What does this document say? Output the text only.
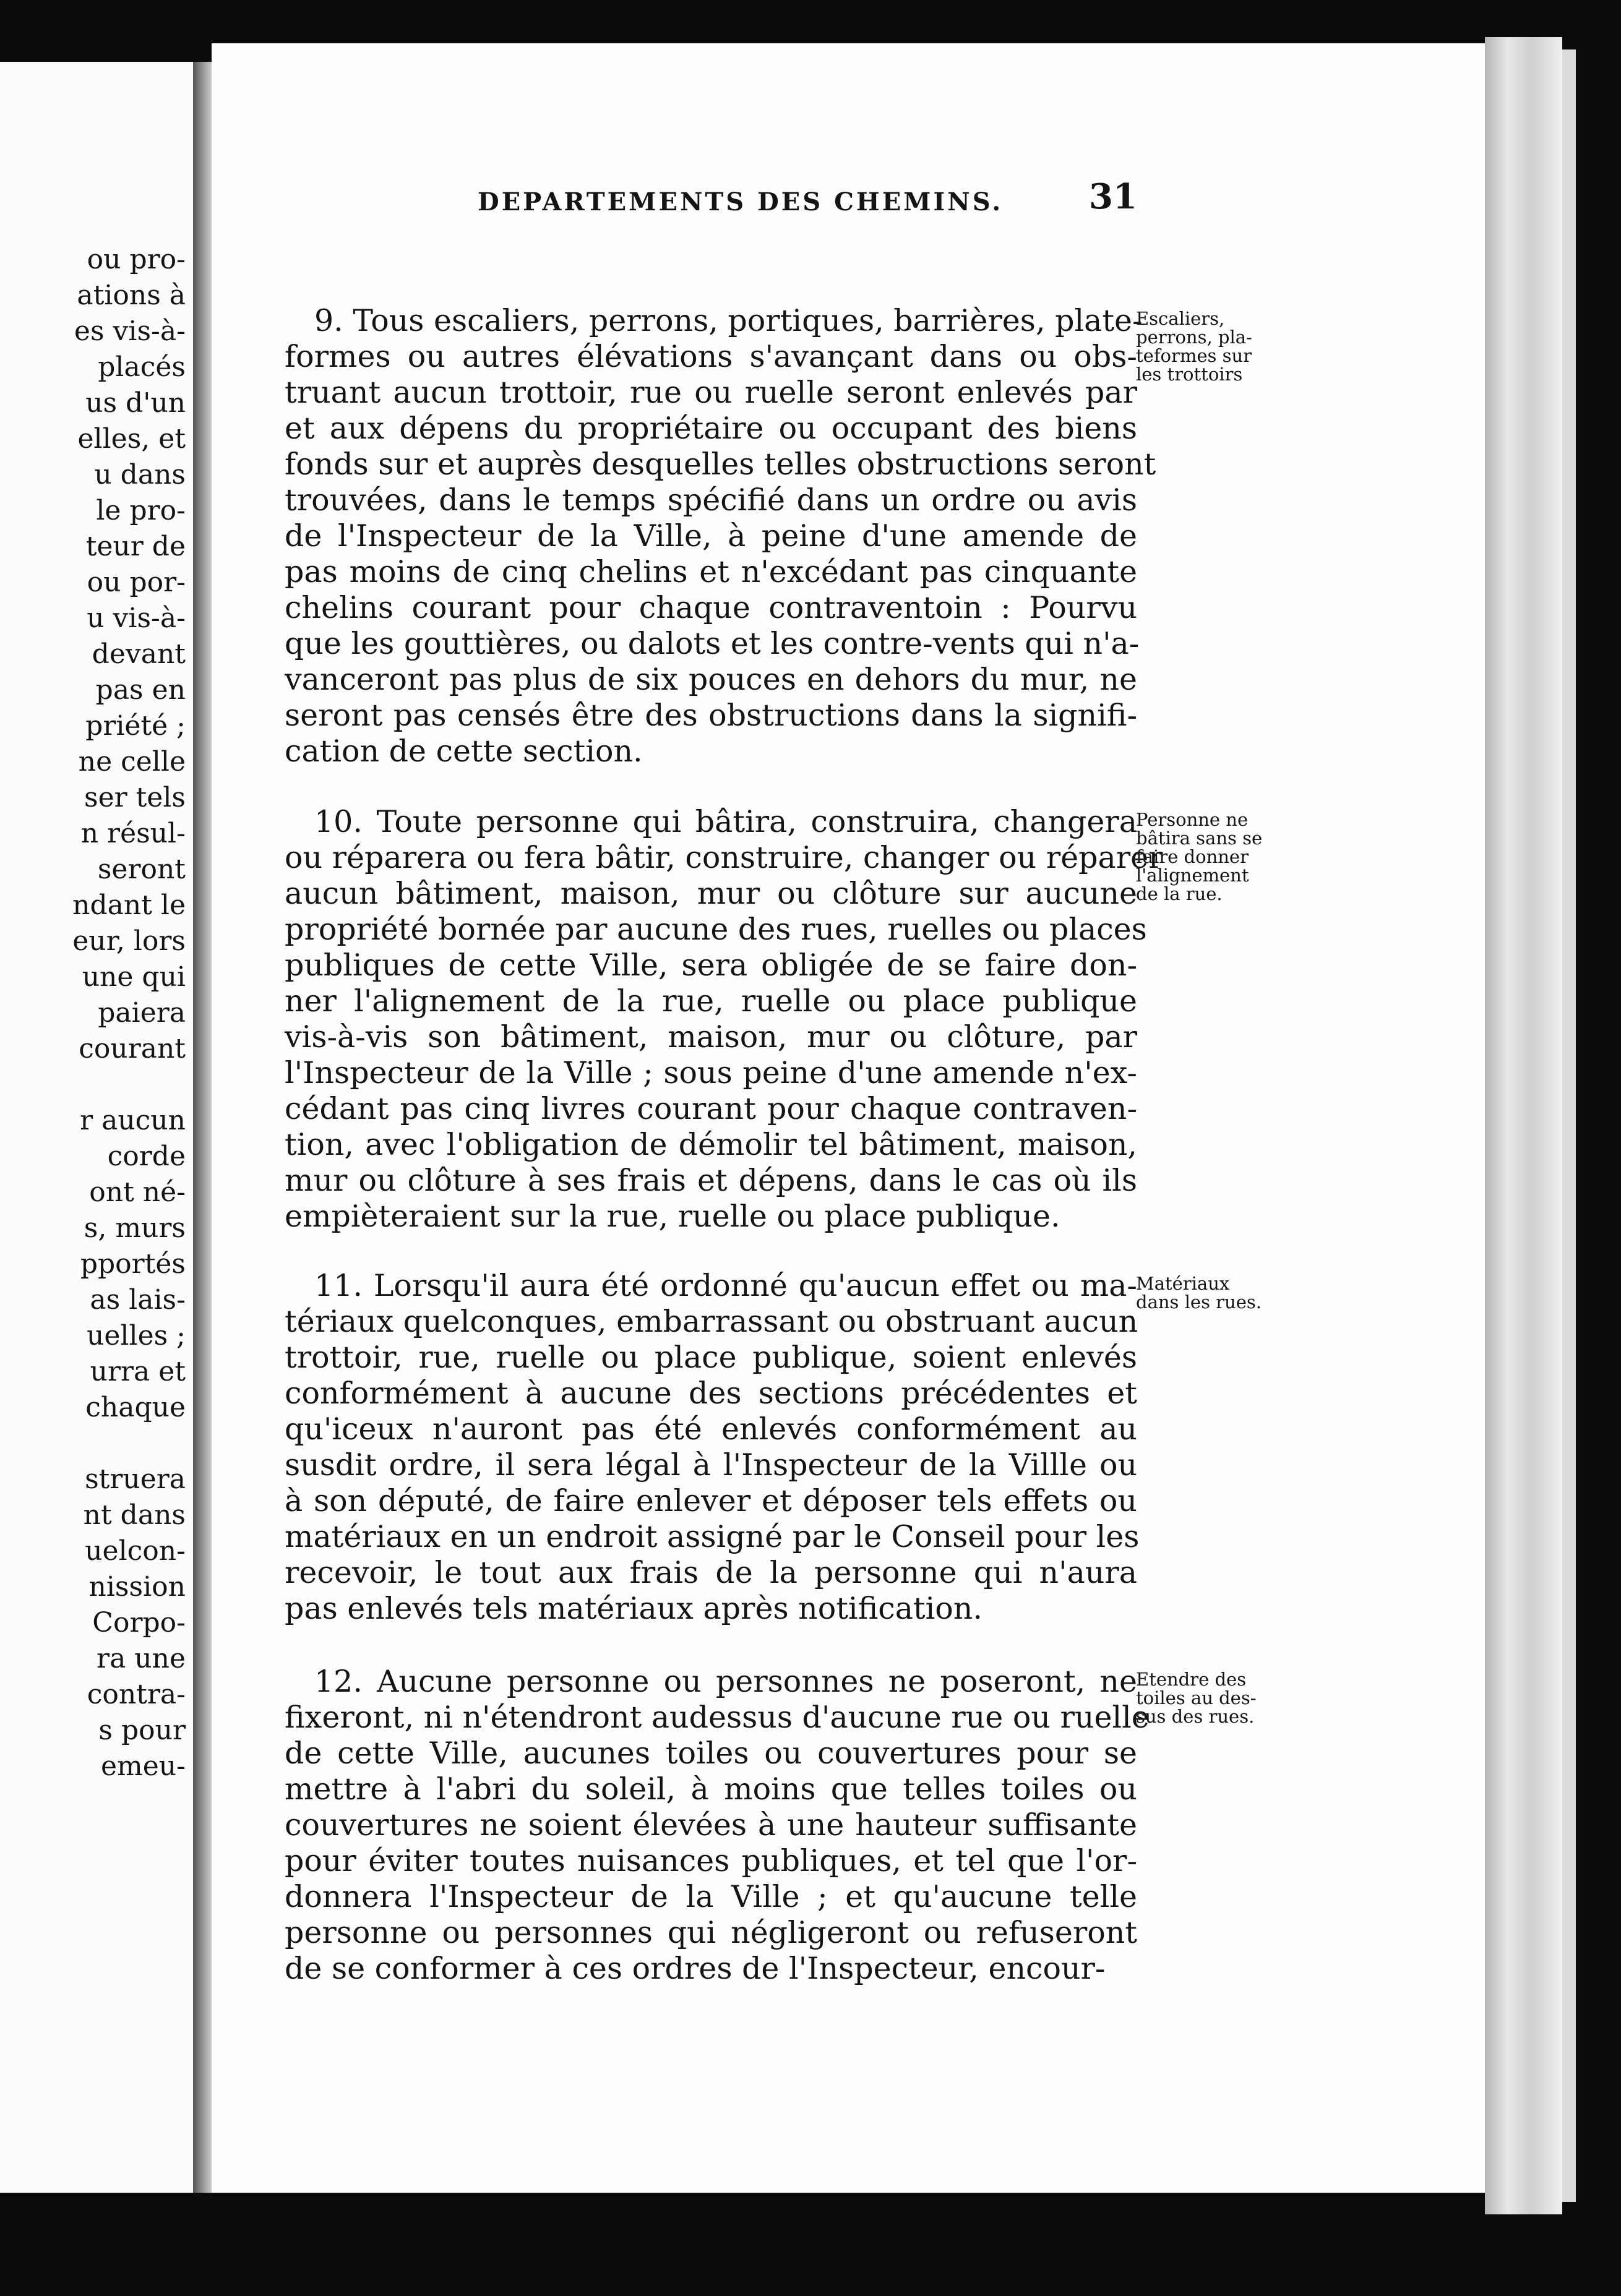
ou pro-
ations à
es vis-à-
placés
us d'un
elles, et
u dans
le pro-
teur de
ou por-
u vis-à-
devant
pas en
priété ;
ne celle
ser tels
n résul-
seront
ndant le
eur, lors
une qui
paiera
courant
r aucun
corde
ont né-
s, murs
pportés
as lais-
uelles ;
urra et
chaque
struera
nt dans
uelcon-
nission
Corpo-
ra une
contra-
s pour
emeu-
DEPARTEMENTS DES CHEMINS. 31
9. Tous escaliers, perrons, portiques, barrières, plate-
formes ou autres élévations s'avançant dans ou obs-
truant aucun trottoir, rue ou ruelle seront enlevés par
et aux dépens du propriétaire ou occupant des biens
fonds sur et auprès desquelles telles obstructions seront
trouvées, dans le temps spécifié dans un ordre ou avis
de l'Inspecteur de la Ville, à peine d'une amende de
pas moins de cinq chelins et n'excédant pas cinquante
chelins courant pour chaque contraventoin : Pourvu
que les gouttières, ou dalots et les contre-vents qui n'a-
vanceront pas plus de six pouces en dehors du mur, ne
seront pas censés être des obstructions dans la signifi-
cation de cette section.
Escaliers,
perrons, pla-
teformes sur
les trottoirs
10. Toute personne qui bâtira, construira, changera
ou réparera ou fera bâtir, construire, changer ou réparer
aucun bâtiment, maison, mur ou clôture sur aucune
propriété bornée par aucune des rues, ruelles ou places
publiques de cette Ville, sera obligée de se faire don-
ner l'alignement de la rue, ruelle ou place publique
vis-à-vis son bâtiment, maison, mur ou clôture, par
l'Inspecteur de la Ville ; sous peine d'une amende n'ex-
cédant pas cinq livres courant pour chaque contraven-
tion, avec l'obligation de démolir tel bâtiment, maison,
mur ou clôture à ses frais et dépens, dans le cas où ils
empièteraient sur la rue, ruelle ou place publique.
Personne ne
bâtira sans se
faire donner
l'alignement
de la rue.
11. Lorsqu'il aura été ordonné qu'aucun effet ou ma-
tériaux quelconques, embarrassant ou obstruant aucun
trottoir, rue, ruelle ou place publique, soient enlevés
conformément à aucune des sections précédentes et
qu'iceux n'auront pas été enlevés conformément au
susdit ordre, il sera légal à l'Inspecteur de la Villle ou
à son député, de faire enlever et déposer tels effets ou
matériaux en un endroit assigné par le Conseil pour les
recevoir, le tout aux frais de la personne qui n'aura
pas enlevés tels matériaux après notification.
Matériaux
dans les rues.
12. Aucune personne ou personnes ne poseront, ne
fixeront, ni n'étendront audessus d'aucune rue ou ruelle
de cette Ville, aucunes toiles ou couvertures pour se
mettre à l'abri du soleil, à moins que telles toiles ou
couvertures ne soient élevées à une hauteur suffisante
pour éviter toutes nuisances publiques, et tel que l'or-
donnera l'Inspecteur de la Ville ; et qu'aucune telle
personne ou personnes qui négligeront ou refuseront
de se conformer à ces ordres de l'Inspecteur, encour-
Etendre des
toiles au des-
sus des rues.
